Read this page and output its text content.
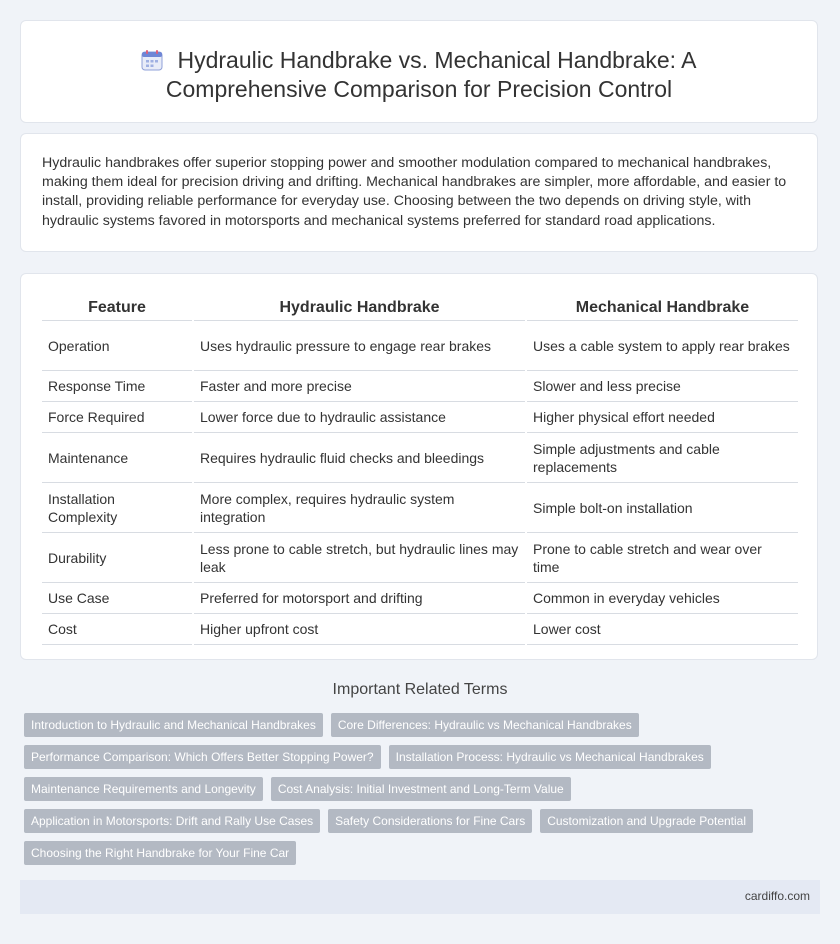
Hydraulic Handbrake vs. Mechanical Handbrake: A
Comprehensive Comparison for Precision Control

Hydraulic handbrakes offer superior stopping power and smoother modulation compared to mechanical handbrakes, making them ideal for precision driving and drifting. Mechanical handbrakes are simpler, more affordable, and easier to install, providing reliable performance for everyday use. Choosing between the two depends on driving style, with hydraulic systems favored in motorsports and mechanical systems preferred for standard road applications.

Feature	Hydraulic Handbrake	Mechanical Handbrake
Operation	Uses hydraulic pressure to engage rear brakes	Uses a cable system to apply rear brakes
Response Time	Faster and more precise	Slower and less precise
Force Required	Lower force due to hydraulic assistance	Higher physical effort needed
Maintenance	Requires hydraulic fluid checks and bleedings	Simple adjustments and cable replacements
Installation Complexity	More complex, requires hydraulic system integration	Simple bolt-on installation
Durability	Less prone to cable stretch, but hydraulic lines may leak	Prone to cable stretch and wear over time
Use Case	Preferred for motorsport and drifting	Common in everyday vehicles
Cost	Higher upfront cost	Lower cost
Important Related Terms
Introduction to Hydraulic and Mechanical Handbrakes	Core Differences: Hydraulic vs Mechanical Handbrakes
Performance Comparison: Which Offers Better Stopping Power?	Installation Process: Hydraulic vs Mechanical Handbrakes
Maintenance Requirements and Longevity	Cost Analysis: Initial Investment and Long-Term Value
Application in Motorsports: Drift and Rally Use Cases	Safety Considerations for Fine Cars	Customization and Upgrade Potential
Choosing the Right Handbrake for Your Fine Car
cardiffo.com
